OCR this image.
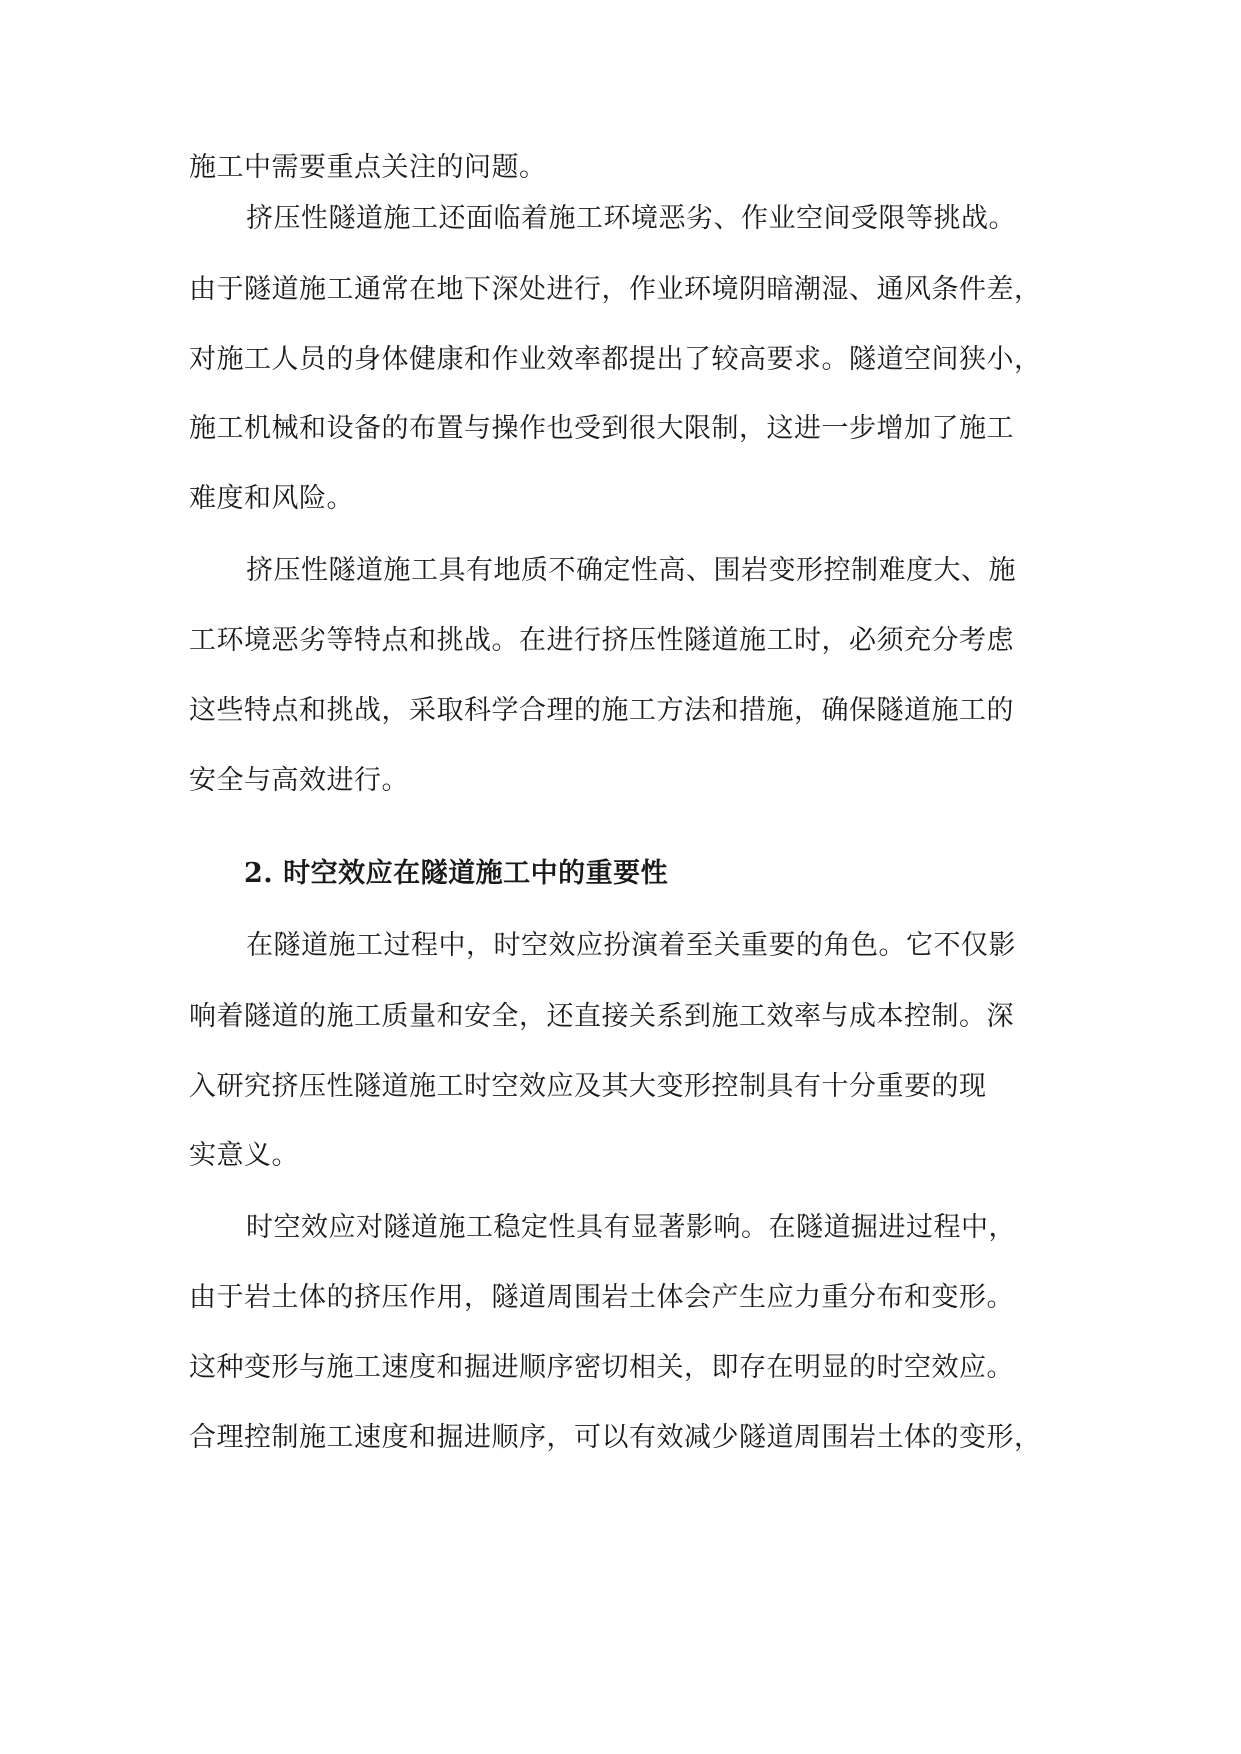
施工中需要重点关注的问题。
挤压性隧道施工还面临着施工环境恶劣、作业空间受限等挑战。
由于隧道施工通常在地下深处进行，作业环境阴暗潮湿、通风条件差，
对施工人员的身体健康和作业效率都提出了较高要求。隧道空间狭小，
施工机械和设备的布置与操作也受到很大限制，这进一步增加了施工
难度和风险。
挤压性隧道施工具有地质不确定性高、围岩变形控制难度大、施
工环境恶劣等特点和挑战。在进行挤压性隧道施工时，必须充分考虑
这些特点和挑战，采取科学合理的施工方法和措施，确保隧道施工的
安全与高效进行。
2. 时空效应在隧道施工中的重要性
在隧道施工过程中，时空效应扮演着至关重要的角色。它不仅影
响着隧道的施工质量和安全，还直接关系到施工效率与成本控制。深
入研究挤压性隧道施工时空效应及其大变形控制具有十分重要的现
实意义。
时空效应对隧道施工稳定性具有显著影响。在隧道掘进过程中，
由于岩土体的挤压作用，隧道周围岩土体会产生应力重分布和变形。
这种变形与施工速度和掘进顺序密切相关，即存在明显的时空效应。
合理控制施工速度和掘进顺序，可以有效减少隧道周围岩土体的变形，
